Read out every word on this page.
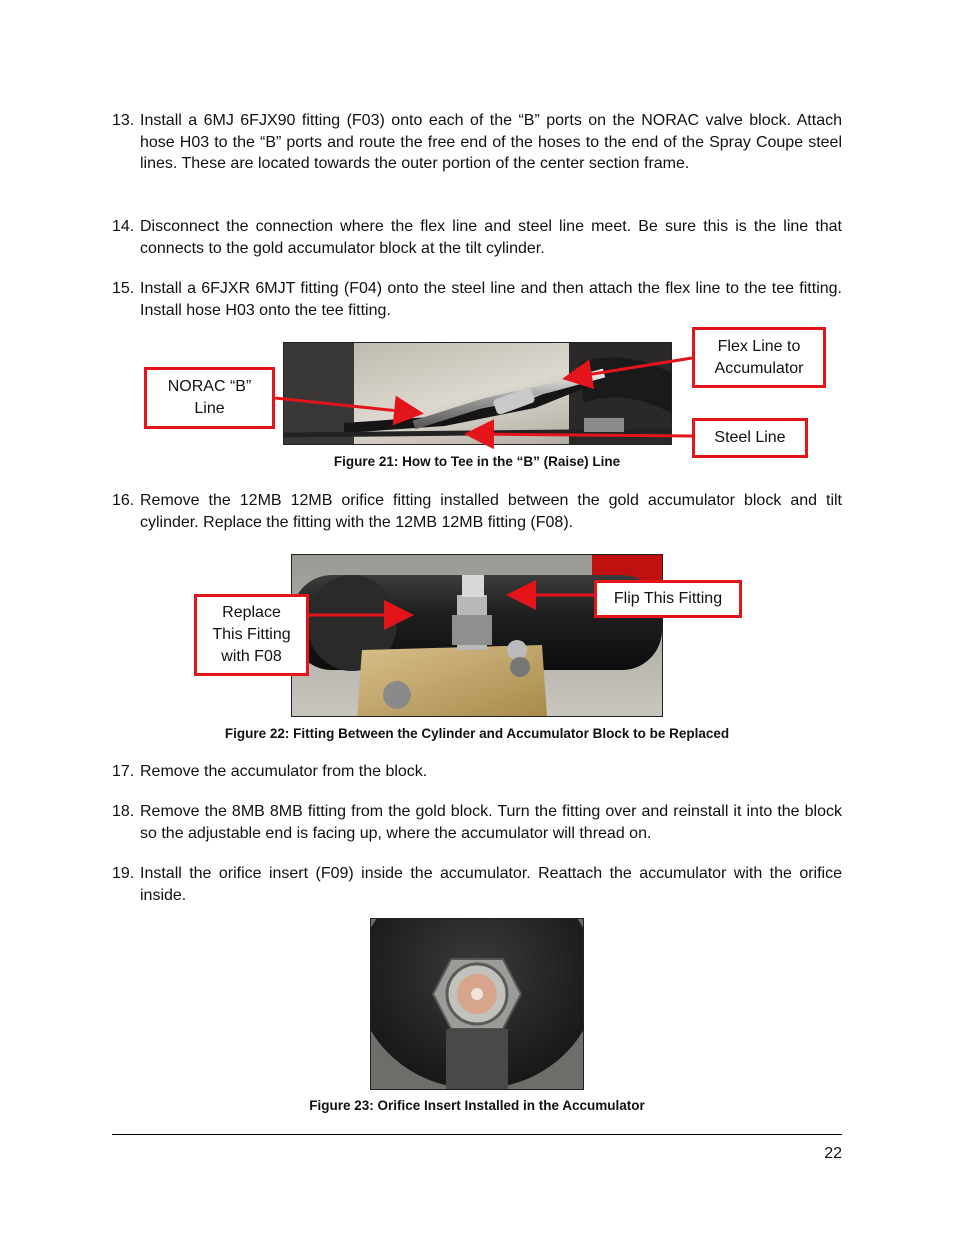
13. Install a 6MJ 6FJX90 fitting (F03) onto each of the “B” ports on the NORAC valve block. Attach hose H03 to the “B” ports and route the free end of the hoses to the end of the Spray Coupe steel lines. These are located towards the outer portion of the center section frame.
14. Disconnect the connection where the flex line and steel line meet. Be sure this is the line that connects to the gold accumulator block at the tilt cylinder.
15. Install a 6FJXR 6MJT fitting (F04) onto the steel line and then attach the flex line to the tee fitting. Install hose H03 onto the tee fitting.
NORAC “B”
Line
Flex Line to
Accumulator
Steel Line
Figure 21: How to Tee in the “B” (Raise) Line
16. Remove the 12MB 12MB orifice fitting installed between the gold accumulator block and tilt cylinder. Replace the fitting with the 12MB 12MB fitting (F08).
Replace
This Fitting
with F08
Flip This Fitting
Figure 22: Fitting Between the Cylinder and Accumulator Block to be Replaced
17. Remove the accumulator from the block.
18. Remove the 8MB 8MB fitting from the gold block. Turn the fitting over and reinstall it into the block so the adjustable end is facing up, where the accumulator will thread on.
19. Install the orifice insert (F09) inside the accumulator. Reattach the accumulator with the orifice inside.
Figure 23: Orifice Insert Installed in the Accumulator
22
